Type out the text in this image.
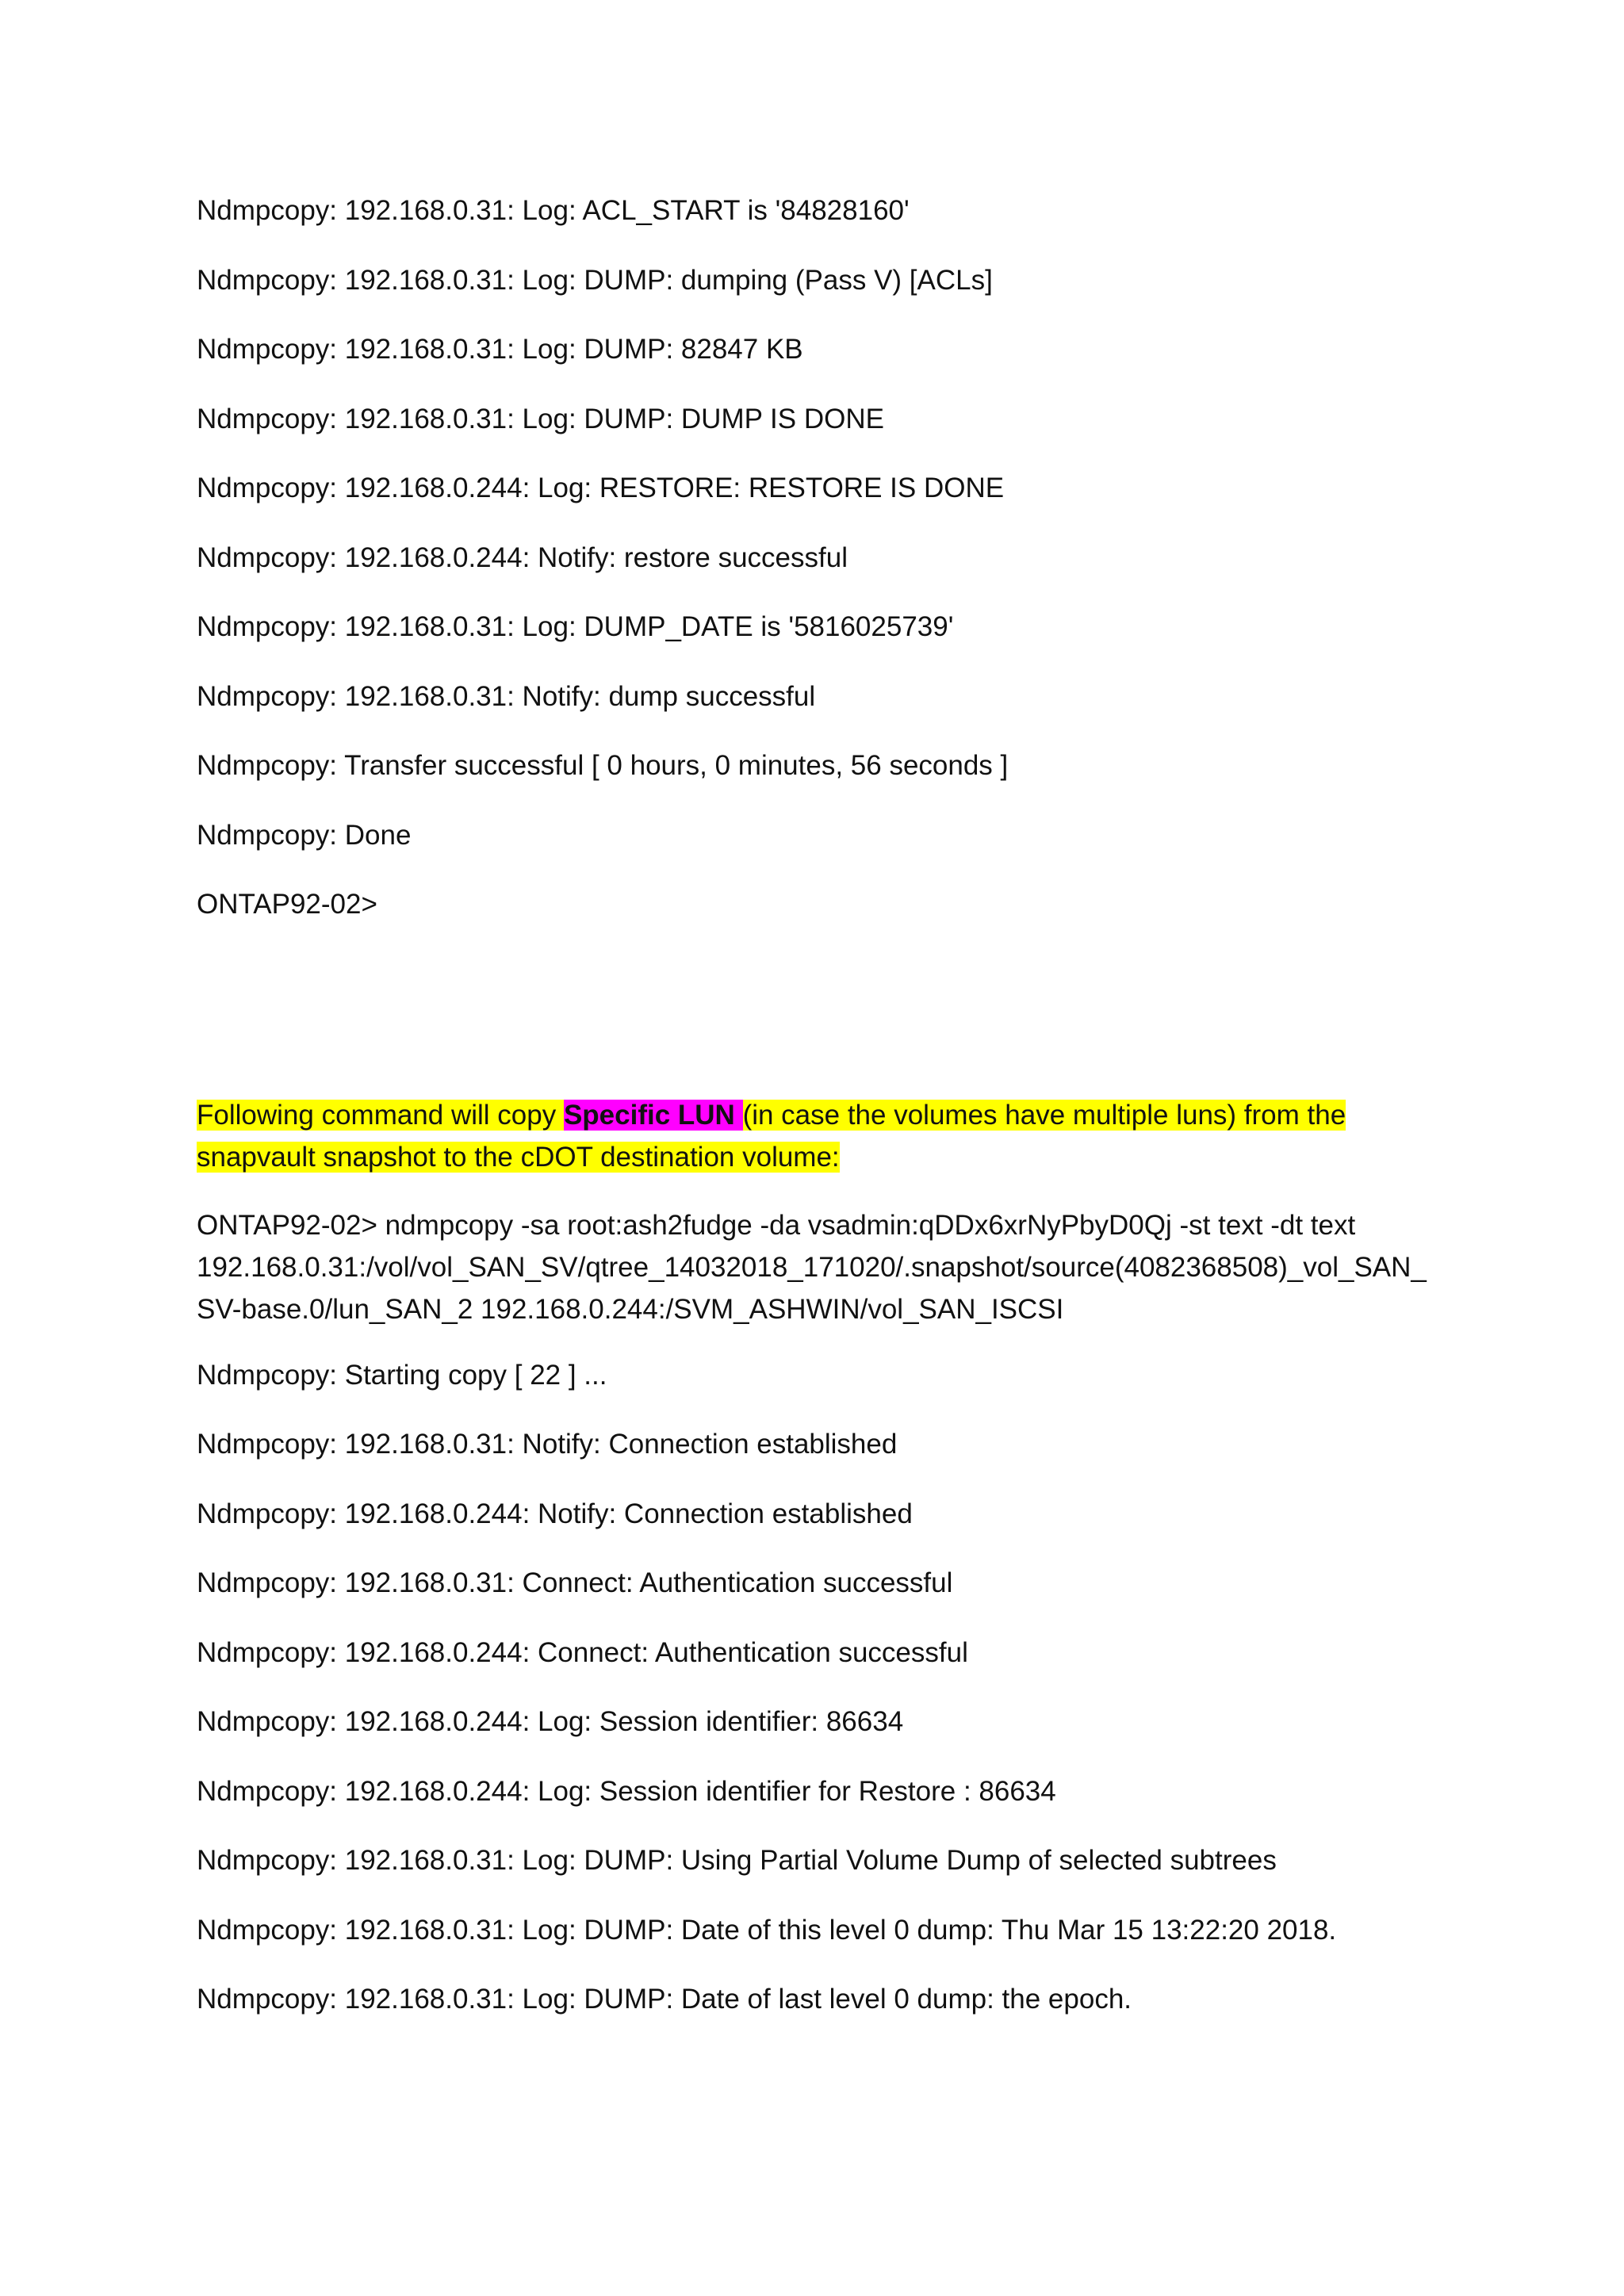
Ndmpcopy: 192.168.0.31: Log: ACL_START is '84828160'
Ndmpcopy: 192.168.0.31: Log: DUMP: dumping (Pass V) [ACLs]
Ndmpcopy: 192.168.0.31: Log: DUMP: 82847 KB
Ndmpcopy: 192.168.0.31: Log: DUMP: DUMP IS DONE
Ndmpcopy: 192.168.0.244: Log: RESTORE: RESTORE IS DONE
Ndmpcopy: 192.168.0.244: Notify: restore successful
Ndmpcopy: 192.168.0.31: Log: DUMP_DATE is '5816025739'
Ndmpcopy: 192.168.0.31: Notify: dump successful
Ndmpcopy: Transfer successful [ 0 hours, 0 minutes, 56 seconds ]
Ndmpcopy: Done
ONTAP92-02>
Following command will copy Specific LUN (in case the volumes have multiple luns) from the
snapvault snapshot to the cDOT destination volume:
ONTAP92-02> ndmpcopy -sa root:ash2fudge -da vsadmin:qDDx6xrNyPbyD0Qj -st text -dt text
192.168.0.31:/vol/vol_SAN_SV/qtree_14032018_171020/.snapshot/source(4082368508)_vol_SAN_
SV-base.0/lun_SAN_2 192.168.0.244:/SVM_ASHWIN/vol_SAN_ISCSI
Ndmpcopy: Starting copy [ 22 ] ...
Ndmpcopy: 192.168.0.31: Notify: Connection established
Ndmpcopy: 192.168.0.244: Notify: Connection established
Ndmpcopy: 192.168.0.31: Connect: Authentication successful
Ndmpcopy: 192.168.0.244: Connect: Authentication successful
Ndmpcopy: 192.168.0.244: Log: Session identifier: 86634
Ndmpcopy: 192.168.0.244: Log: Session identifier for Restore : 86634
Ndmpcopy: 192.168.0.31: Log: DUMP: Using Partial Volume Dump of selected subtrees
Ndmpcopy: 192.168.0.31: Log: DUMP: Date of this level 0 dump: Thu Mar 15 13:22:20 2018.
Ndmpcopy: 192.168.0.31: Log: DUMP: Date of last level 0 dump: the epoch.
